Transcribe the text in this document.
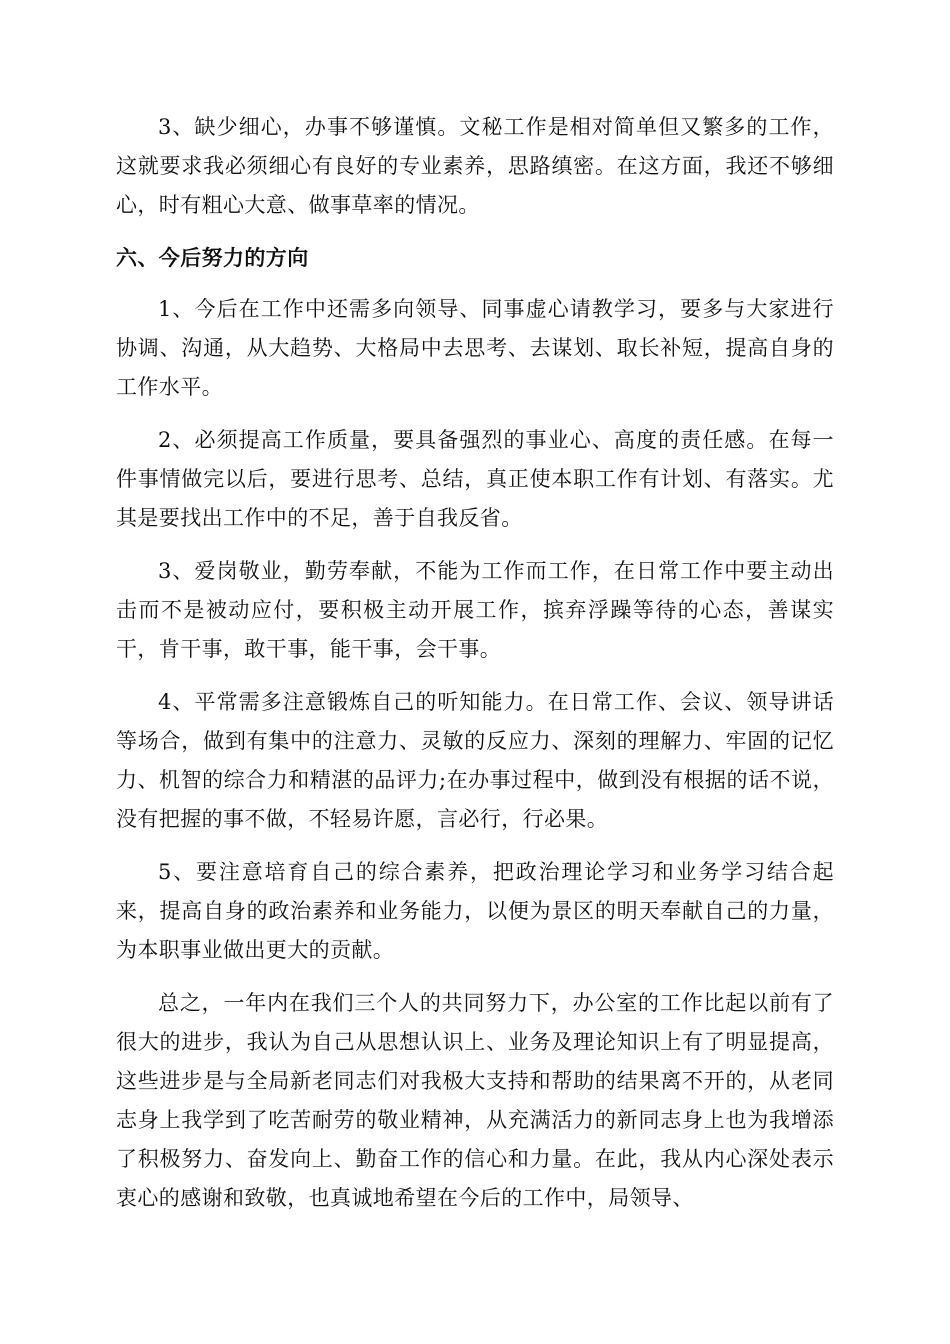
3、缺少细心，办事不够谨慎。文秘工作是相对简单但又繁多的工作，这就要求我必须细心有良好的专业素养，思路缜密。在这方面，我还不够细心，时有粗心大意、做事草率的情况。

六、今后努力的方向

1、今后在工作中还需多向领导、同事虚心请教学习，要多与大家进行协调、沟通，从大趋势、大格局中去思考、去谋划、取长补短，提高自身的工作水平。

2、必须提高工作质量，要具备强烈的事业心、高度的责任感。在每一件事情做完以后，要进行思考、总结，真正使本职工作有计划、有落实。尤其是要找出工作中的不足，善于自我反省。

3、爱岗敬业，勤劳奉献，不能为工作而工作，在日常工作中要主动出击而不是被动应付，要积极主动开展工作，摈弃浮躁等待的心态，善谋实干，肯干事，敢干事，能干事，会干事。

4、平常需多注意锻炼自己的听知能力。在日常工作、会议、领导讲话等场合，做到有集中的注意力、灵敏的反应力、深刻的理解力、牢固的记忆力、机智的综合力和精湛的品评力;在办事过程中，做到没有根据的话不说，没有把握的事不做，不轻易许愿，言必行，行必果。

5、要注意培育自己的综合素养，把政治理论学习和业务学习结合起来，提高自身的政治素养和业务能力，以便为景区的明天奉献自己的力量，为本职事业做出更大的贡献。

总之，一年内在我们三个人的共同努力下，办公室的工作比起以前有了很大的进步，我认为自己从思想认识上、业务及理论知识上有了明显提高，这些进步是与全局新老同志们对我极大支持和帮助的结果离不开的，从老同志身上我学到了吃苦耐劳的敬业精神，从充满活力的新同志身上也为我增添了积极努力、奋发向上、勤奋工作的信心和力量。在此，我从内心深处表示衷心的感谢和致敬，也真诚地希望在今后的工作中，局领导、
